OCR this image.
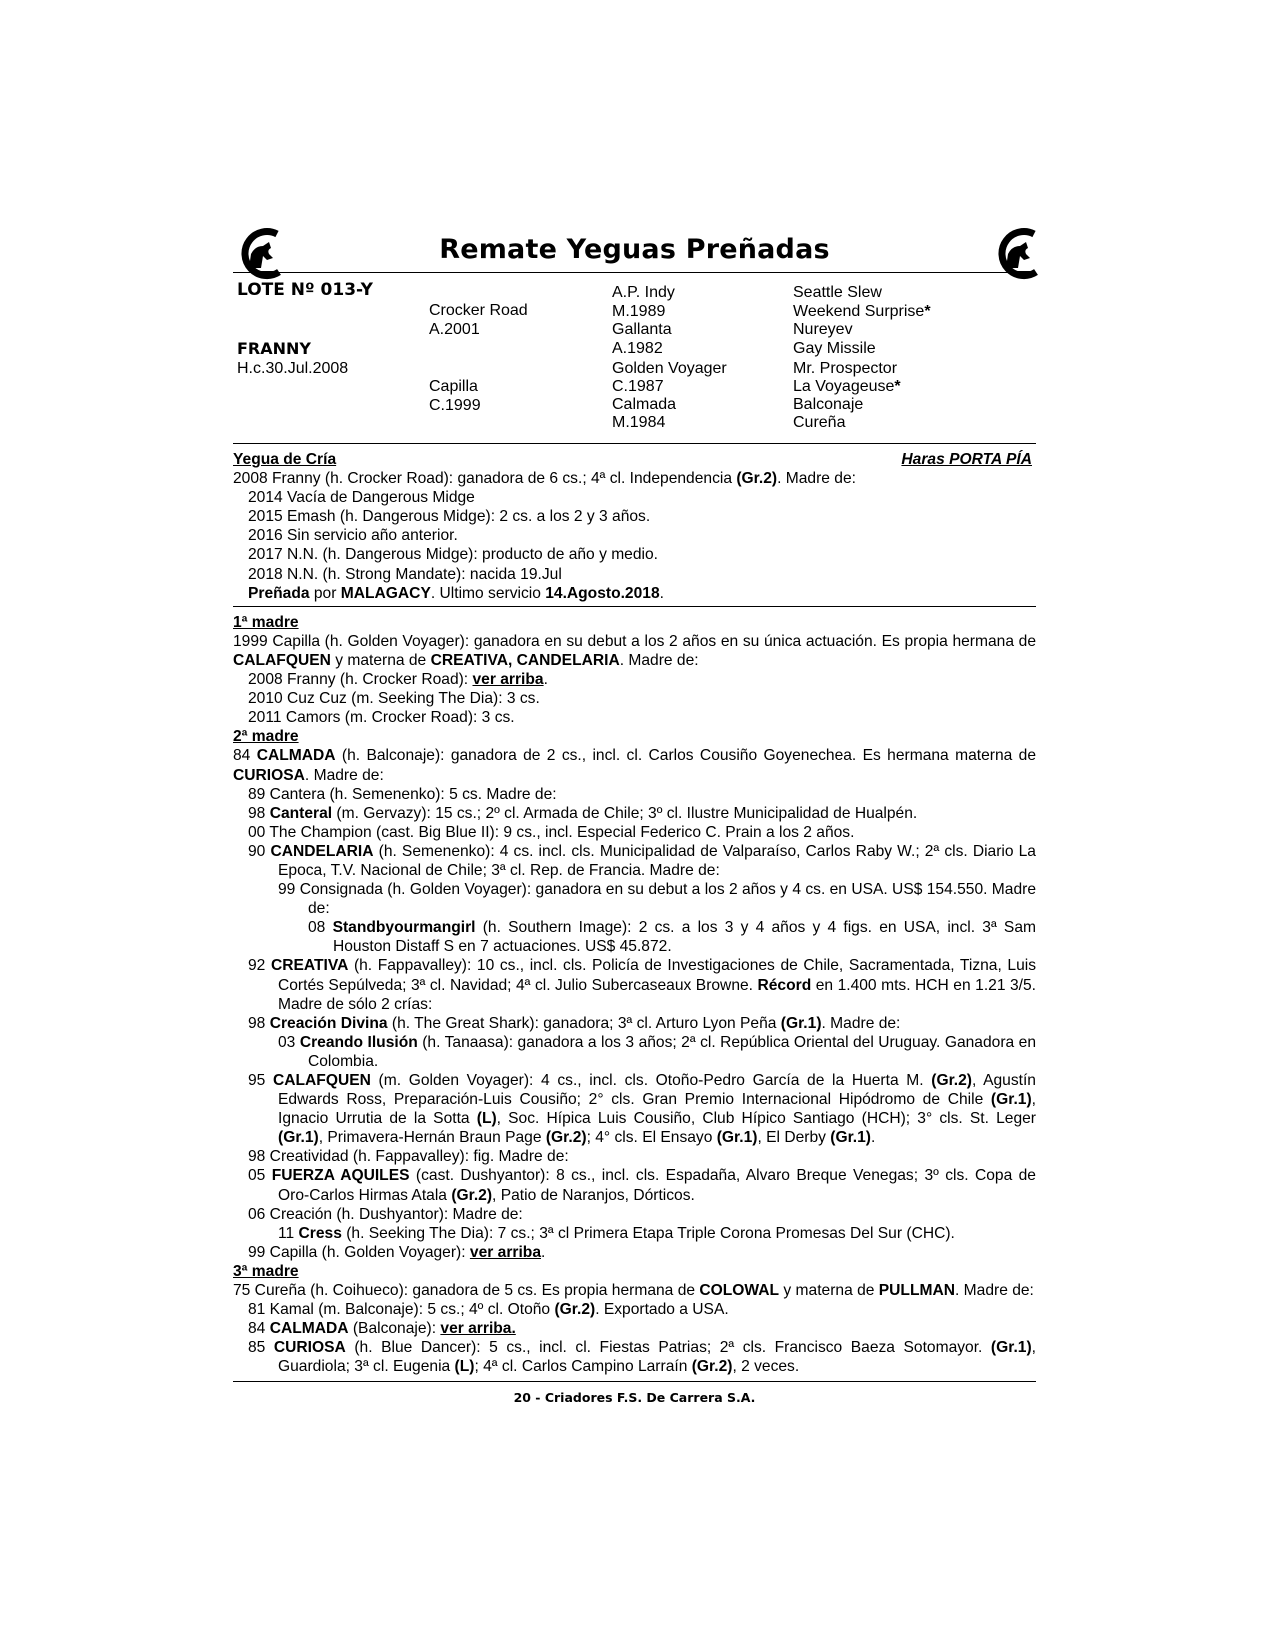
Remate Yeguas Preñadas
LOTE Nº 013-Y
FRANNY
H.c.30.Jul.2008
Crocker Road
A.2001
Capilla
C.1999
A.P. Indy
M.1989
Gallanta
A.1982
Golden Voyager
C.1987
Calmada
M.1984
Seattle Slew
Weekend Surprise*
Nureyev
Gay Missile
Mr. Prospector
La Voyageuse*
Balconaje
Cureña
Yegua de Cría	Haras PORTA PÍA
2008 Franny (h. Crocker Road): ganadora de 6 cs.; 4ª cl. Independencia (Gr.2). Madre de:
2014 Vacía de Dangerous Midge
2015 Emash (h. Dangerous Midge): 2 cs. a los 2 y 3 años.
2016 Sin servicio año anterior.
2017 N.N. (h. Dangerous Midge): producto de año y medio.
2018 N.N. (h. Strong Mandate): nacida 19.Jul
Preñada por MALAGACY. Ultimo servicio 14.Agosto.2018.
1ª madre
1999 Capilla (h. Golden Voyager): ganadora en su debut a los 2 años en su única actuación. Es propia hermana de CALAFQUEN y materna de CREATIVA, CANDELARIA. Madre de:
2008 Franny (h. Crocker Road): ver arriba.
2010 Cuz Cuz (m. Seeking The Dia): 3 cs.
2011 Camors (m. Crocker Road): 3 cs.
2ª madre
84 CALMADA (h. Balconaje): ganadora de 2 cs., incl. cl. Carlos Cousiño Goyenechea. Es hermana materna de CURIOSA. Madre de:
89 Cantera (h. Semenenko): 5 cs. Madre de:
98 Canteral (m. Gervazy): 15 cs.; 2º cl. Armada de Chile; 3º cl. Ilustre Municipalidad de Hualpén.
00 The Champion (cast. Big Blue II): 9 cs., incl. Especial Federico C. Prain a los 2 años.
90 CANDELARIA (h. Semenenko): 4 cs. incl. cls. Municipalidad de Valparaíso, Carlos Raby W.; 2ª cls. Diario La Epoca, T.V. Nacional de Chile; 3ª cl. Rep. de Francia. Madre de:
99 Consignada (h. Golden Voyager): ganadora en su debut a los 2 años y 4 cs. en USA. US$ 154.550. Madre de:
08 Standbyourmangirl (h. Southern Image): 2 cs. a los 3 y 4 años y 4 figs. en USA, incl. 3ª Sam Houston Distaff S en 7 actuaciones. US$ 45.872.
92 CREATIVA (h. Fappavalley): 10 cs., incl. cls. Policía de Investigaciones de Chile, Sacramentada, Tizna, Luis Cortés Sepúlveda; 3ª cl. Navidad; 4ª cl. Julio Subercaseaux Browne. Récord en 1.400 mts. HCH en 1.21 3/5. Madre de sólo 2 crías:
98 Creación Divina (h. The Great Shark): ganadora; 3ª cl. Arturo Lyon Peña (Gr.1). Madre de:
03 Creando Ilusión (h. Tanaasa): ganadora a los 3 años; 2ª cl. República Oriental del Uruguay. Ganadora en Colombia.
95 CALAFQUEN (m. Golden Voyager): 4 cs., incl. cls. Otoño-Pedro García de la Huerta M. (Gr.2), Agustín Edwards Ross, Preparación-Luis Cousiño; 2° cls. Gran Premio Internacional Hipódromo de Chile (Gr.1), Ignacio Urrutia de la Sotta (L), Soc. Hípica Luis Cousiño, Club Hípico Santiago (HCH); 3° cls. St. Leger (Gr.1), Primavera-Hernán Braun Page (Gr.2); 4° cls. El Ensayo (Gr.1), El Derby (Gr.1).
98 Creatividad (h. Fappavalley): fig. Madre de:
05 FUERZA AQUILES (cast. Dushyantor): 8 cs., incl. cls. Espadaña, Alvaro Breque Venegas; 3º cls. Copa de Oro-Carlos Hirmas Atala (Gr.2), Patio de Naranjos, Dórticos.
06 Creación (h. Dushyantor): Madre de:
11 Cress (h. Seeking The Dia): 7 cs.; 3ª cl Primera Etapa Triple Corona Promesas Del Sur (CHC).
99 Capilla (h. Golden Voyager): ver arriba.
3ª madre
75 Cureña (h. Coihueco): ganadora de 5 cs. Es propia hermana de COLOWAL y materna de PULLMAN. Madre de:
81 Kamal (m. Balconaje): 5 cs.; 4º cl. Otoño (Gr.2). Exportado a USA.
84 CALMADA (Balconaje): ver arriba.
85 CURIOSA (h. Blue Dancer): 5 cs., incl. cl. Fiestas Patrias; 2ª cls. Francisco Baeza Sotomayor. (Gr.1), Guardiola; 3ª cl. Eugenia (L); 4ª cl. Carlos Campino Larraín (Gr.2), 2 veces.
20 - Criadores F.S. De Carrera S.A.
